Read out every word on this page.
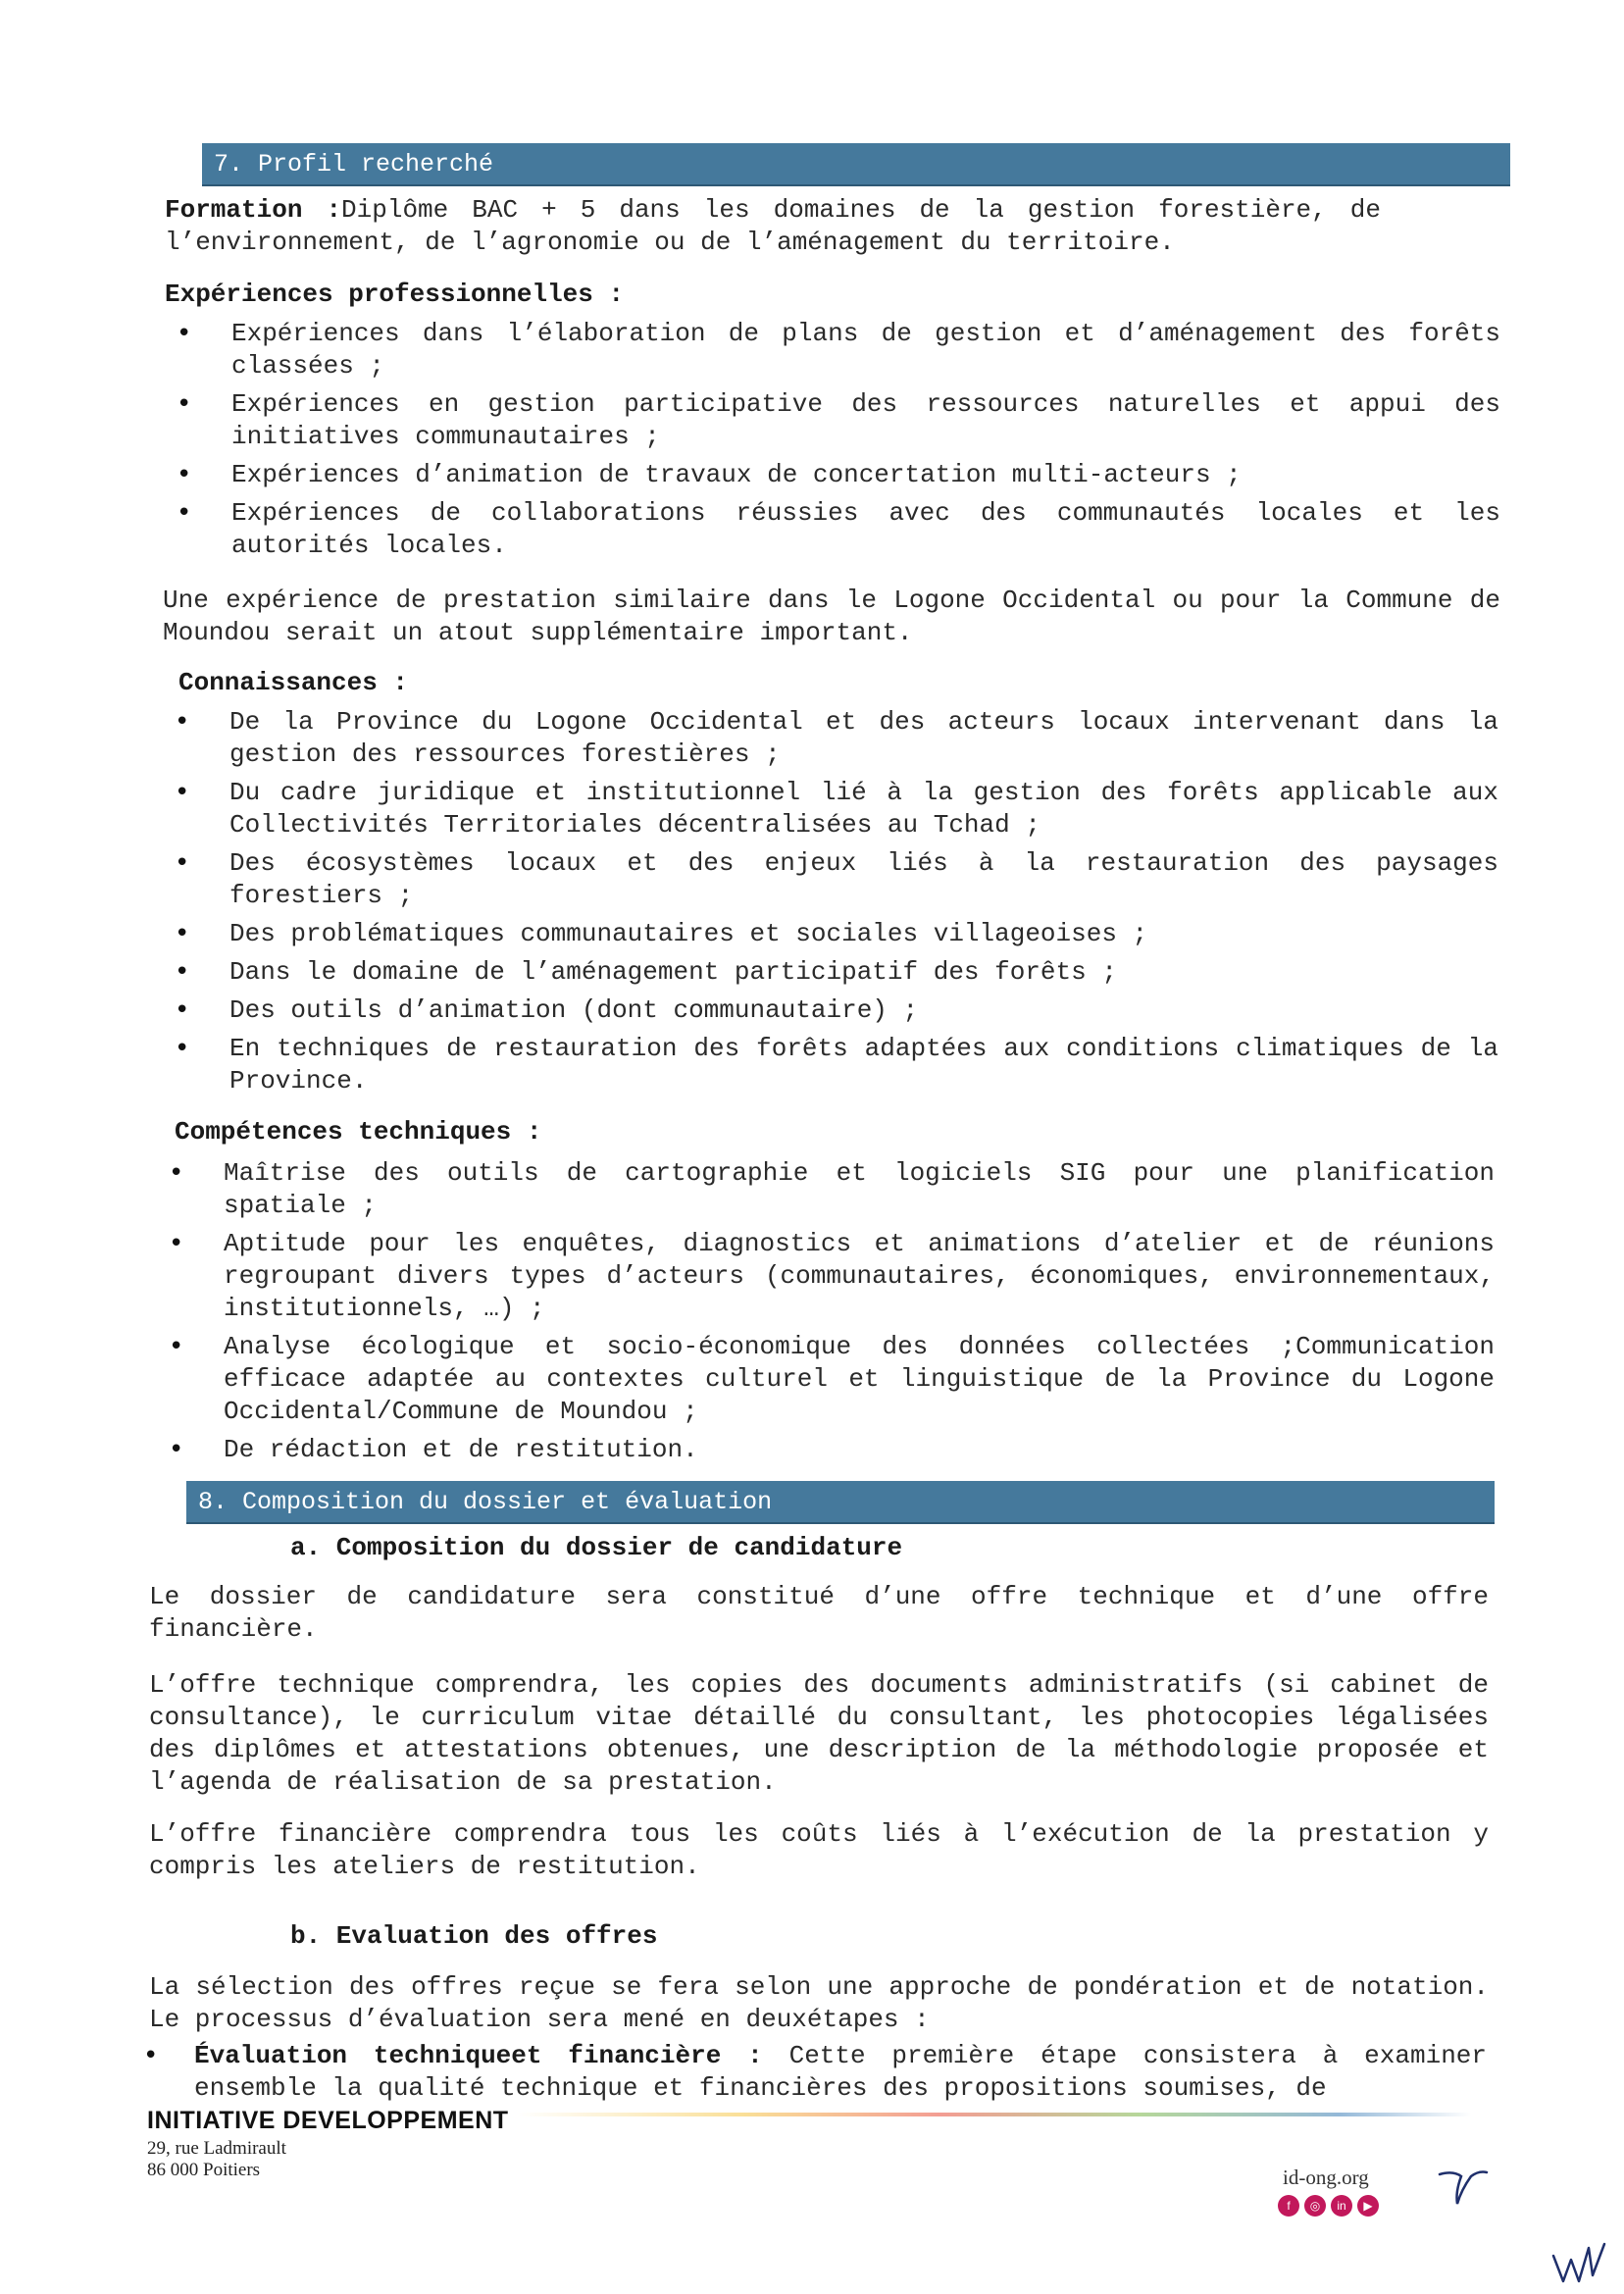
7. Profil recherché
Formation :Diplôme BAC + 5 dans les domaines de la gestion forestière, de l’environnement, de l’agronomie ou de l’aménagement du territoire.
Expériences professionnelles :
• Expériences dans l’élaboration de plans de gestion et d’aménagement des forêts classées ;
• Expériences en gestion participative des ressources naturelles et appui des initiatives communautaires ;
• Expériences d’animation de travaux de concertation multi-acteurs ;
• Expériences de collaborations réussies avec des communautés locales et les autorités locales.
Une expérience de prestation similaire dans le Logone Occidental ou pour la Commune de Moundou serait un atout supplémentaire important.
Connaissances :
• De la Province du Logone Occidental et des acteurs locaux intervenant dans la gestion des ressources forestières ;
• Du cadre juridique et institutionnel lié à la gestion des forêts applicable aux Collectivités Territoriales décentralisées au Tchad ;
• Des écosystèmes locaux et des enjeux liés à la restauration des paysages forestiers ;
• Des problématiques communautaires et sociales villageoises ;
• Dans le domaine de l’aménagement participatif des forêts ;
• Des outils d’animation (dont communautaire) ;
• En techniques de restauration des forêts adaptées aux conditions climatiques de la Province.
Compétences techniques :
• Maîtrise des outils de cartographie et logiciels SIG pour une planification spatiale ;
• Aptitude pour les enquêtes, diagnostics et animations d’atelier et de réunions regroupant divers types d’acteurs (communautaires, économiques, environnementaux, institutionnels, …) ;
• Analyse écologique et socio-économique des données collectées ;Communication efficace adaptée au contextes culturel et linguistique de la Province du Logone Occidental/Commune de Moundou ;
• De rédaction et de restitution.
8. Composition du dossier et évaluation
a. Composition du dossier de candidature
Le dossier de candidature sera constitué d’une offre technique et d’une offre financière.
L’offre technique comprendra, les copies des documents administratifs (si cabinet de consultance), le curriculum vitae détaillé du consultant, les photocopies légalisées des diplômes et attestations obtenues, une description de la méthodologie proposée et l’agenda de réalisation de sa prestation.
L’offre financière comprendra tous les coûts liés à l’exécution de la prestation y compris les ateliers de restitution.
b. Evaluation des offres
La sélection des offres reçue se fera selon une approche de pondération et de notation. Le processus d’évaluation sera mené en deuxétapes :
• Évaluation techniqueet financière : Cette première étape consistera à examiner ensemble la qualité technique et financières des propositions soumises, de
INITIATIVE DEVELOPPEMENT
29, rue Ladmirault
86 000 Poitiers	id-ong.org
f	◎	in	▶
